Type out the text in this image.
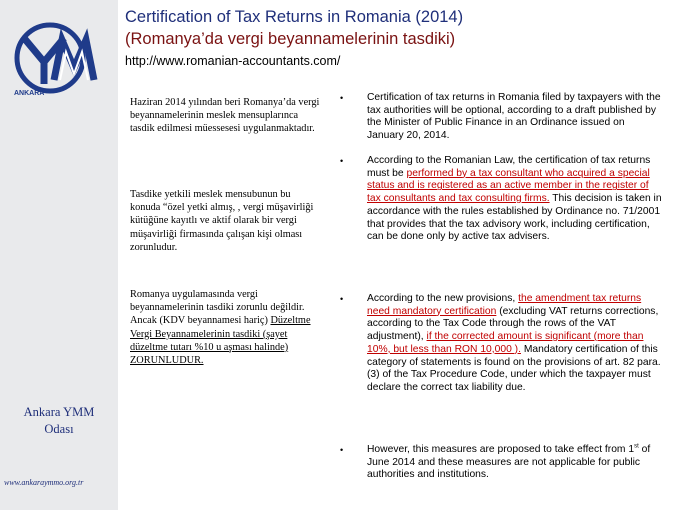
ANKARA
Ankara YMM
Odası
www.ankaraymmo.org.tr
Certification of Tax Returns in Romania (2014)
(Romanya’da vergi beyannamelerinin tasdiki)
http://www.romanian-accountants.com/
Haziran 2014 yılından beri Romanya’da vergi beyannamelerinin meslek mensuplarınca tasdik edilmesi müessesesi uygulanmaktadır.
Tasdike yetkili meslek mensubunun bu konuda “özel yetki almış, , vergi müşavirliği kütüğüne kayıtlı ve aktif olarak bir vergi müşavirliği firmasında çalışan kişi olması zorunludur.
Romanya uygulamasında vergi beyannamelerinin tasdiki zorunlu değildir. Ancak (KDV beyannamesi hariç) Düzeltme Vergi Beyannamelerinin tasdiki (şayet düzeltme tutarı %10 u aşması halinde) ZORUNLUDUR.
• Certification of tax returns in Romania filed by taxpayers with the tax authorities will be optional, according to a draft published by the Minister of Public Finance in an Ordinance issued on January 20, 2014.
• According to the Romanian Law, the certification of tax returns must be performed by a tax consultant who acquired a special status and is registered as an active member in the register of tax consultants and tax consulting firms. This decision is taken in accordance with the rules established by Ordinance no. 71/2001 that provides that the tax advisory work, including certification, can be done only by active tax advisers.
• According to the new provisions, the amendment tax returns need mandatory certification (excluding VAT returns corrections, according to the Tax Code through the rows of the VAT adjustment), if the corrected amount is significant (more than 10%, but less than RON 10,000 ). Mandatory certification of this category of statements is found on the provisions of art. 82 para. (3) of the Tax Procedure Code, under which the taxpayer must declare the correct tax liability due.
• However, this measures are proposed to take effect from 1st of June 2014 and these measures are not applicable for public authorities and institutions.
